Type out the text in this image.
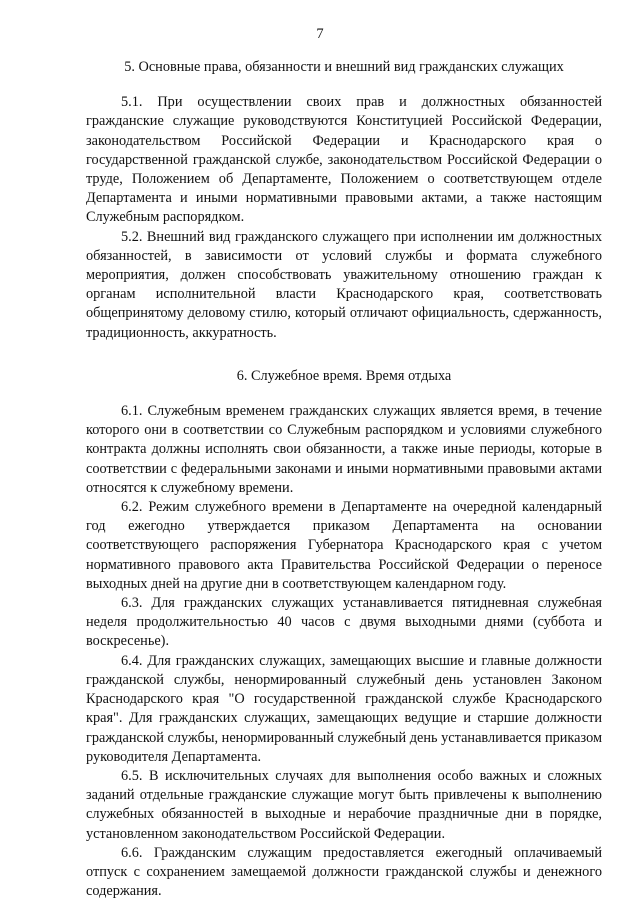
7
5. Основные права, обязанности и внешний вид гражданских служащих

5.1. При осуществлении своих прав и должностных обязанностей гражданские служащие руководствуются Конституцией Российской Федерации, законодательством Российской Федерации и Краснодарского края о государственной гражданской службе, законодательством Российской Федерации о труде, Положением об Департаменте, Положением о соответствующем отделе Департамента и иными нормативными правовыми актами, а также настоящим Служебным распорядком.

5.2. Внешний вид гражданского служащего при исполнении им должностных обязанностей, в зависимости от условий службы и формата служебного мероприятия, должен способствовать уважительному отношению граждан к органам исполнительной власти Краснодарского края, соответствовать общепринятому деловому стилю, который отличают официальность, сдержанность, традиционность, аккуратность.

6. Служебное время. Время отдыха

6.1. Служебным временем гражданских служащих является время, в течение которого они в соответствии со Служебным распорядком и условиями служебного контракта должны исполнять свои обязанности, а также иные периоды, которые в соответствии с федеральными законами и иными нормативными правовыми актами относятся к служебному времени.

6.2. Режим служебного времени в Департаменте на очередной календарный год ежегодно утверждается приказом Департамента на основании соответствующего распоряжения Губернатора Краснодарского края с учетом нормативного правового акта Правительства Российской Федерации о переносе выходных дней на другие дни в соответствующем календарном году.

6.3. Для гражданских служащих устанавливается пятидневная служебная неделя продолжительностью 40 часов с двумя выходными днями (суббота и воскресенье).

6.4. Для гражданских служащих, замещающих высшие и главные должности гражданской службы, ненормированный служебный день установлен Законом Краснодарского края "О государственной гражданской службе Краснодарского края". Для гражданских служащих, замещающих ведущие и старшие должности гражданской службы, ненормированный служебный день устанавливается приказом руководителя Департамента.

6.5. В исключительных случаях для выполнения особо важных и сложных заданий отдельные гражданские служащие могут быть привлечены к выполнению служебных обязанностей в выходные и нерабочие праздничные дни в порядке, установленном законодательством Российской Федерации.

6.6. Гражданским служащим предоставляется ежегодный оплачиваемый отпуск с сохранением замещаемой должности гражданской службы и денежного содержания.
